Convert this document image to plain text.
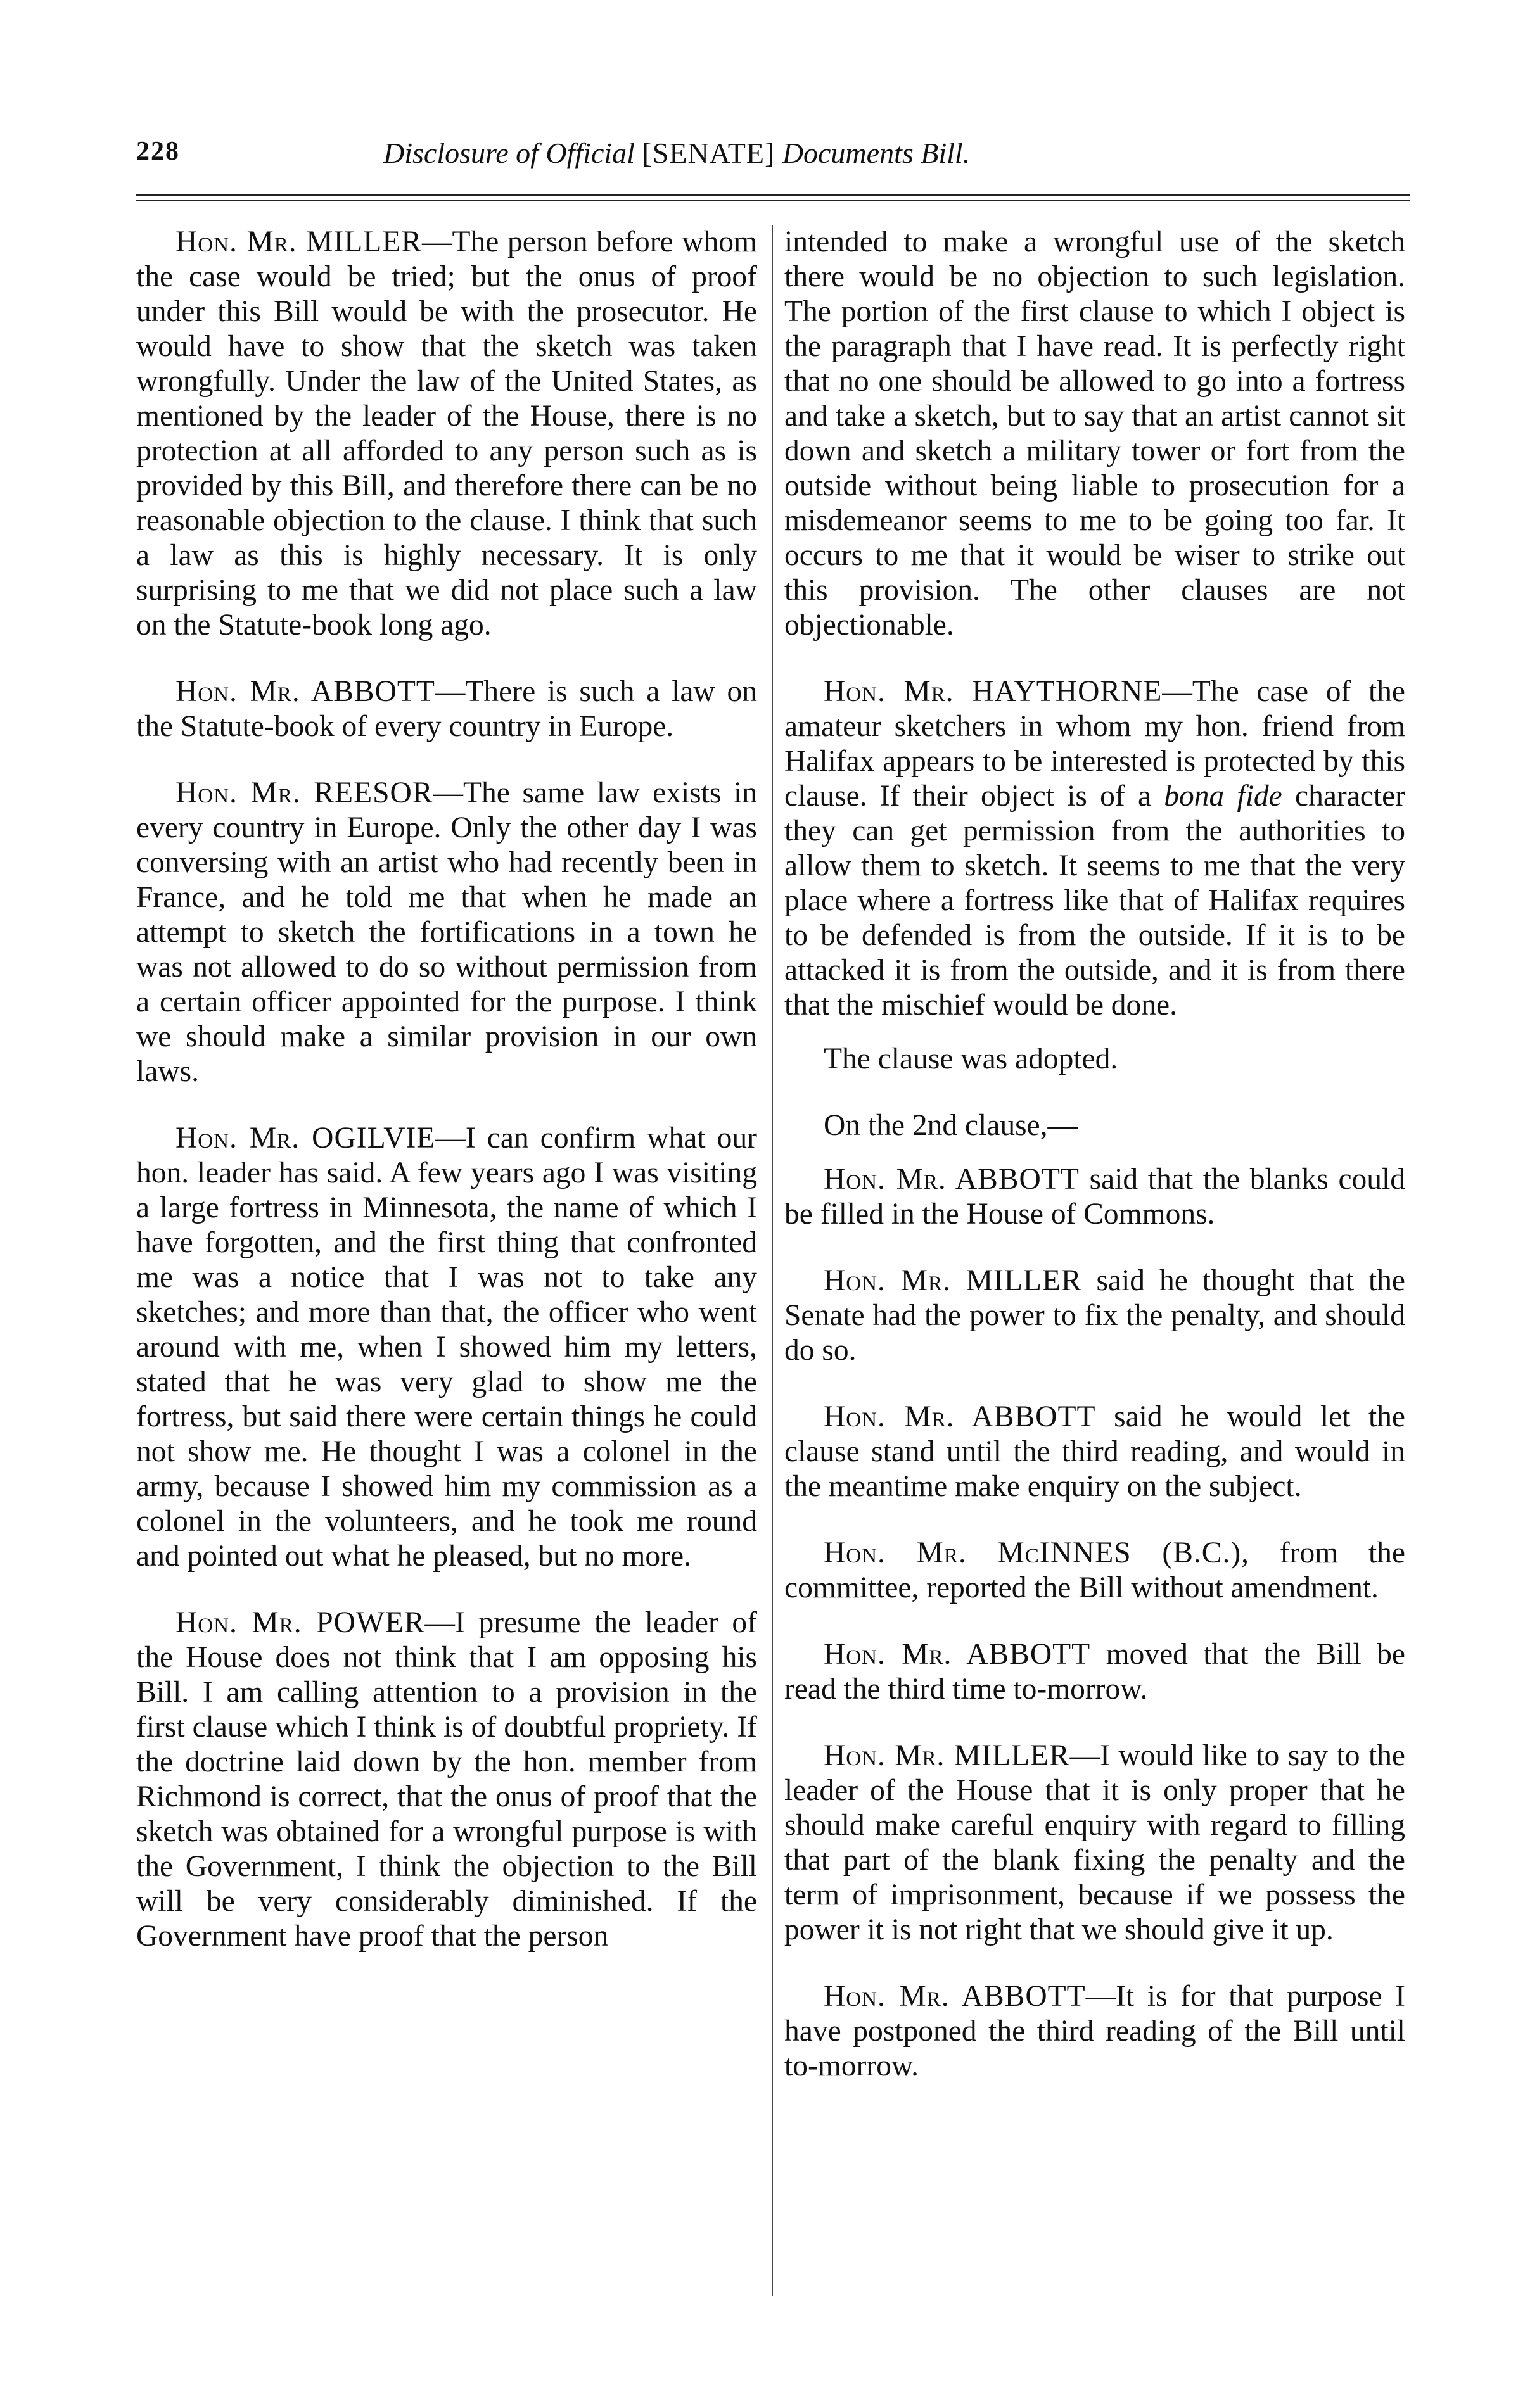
228	Disclosure of Official [SENATE] Documents Bill.

Hon. Mr. MILLER—The person before whom the case would be tried; but the onus of proof under this Bill would be with the prosecutor. He would have to show that the sketch was taken wrongfully. Under the law of the United States, as mentioned by the leader of the House, there is no protection at all afforded to any person such as is provided by this Bill, and therefore there can be no reasonable objection to the clause. I think that such a law as this is highly necessary. It is only surprising to me that we did not place such a law on the Statute-book long ago.

Hon. Mr. ABBOTT—There is such a law on the Statute-book of every country in Europe.

Hon. Mr. REESOR—The same law exists in every country in Europe. Only the other day I was conversing with an artist who had recently been in France, and he told me that when he made an attempt to sketch the fortifications in a town he was not allowed to do so without permission from a certain officer appointed for the purpose. I think we should make a similar provision in our own laws.

Hon. Mr. OGILVIE—I can confirm what our hon. leader has said. A few years ago I was visiting a large fortress in Minnesota, the name of which I have forgotten, and the first thing that confronted me was a notice that I was not to take any sketches; and more than that, the officer who went around with me, when I showed him my letters, stated that he was very glad to show me the fortress, but said there were certain things he could not show me. He thought I was a colonel in the army, because I showed him my commission as a colonel in the volunteers, and he took me round and pointed out what he pleased, but no more.

Hon. Mr. POWER—I presume the leader of the House does not think that I am opposing his Bill. I am calling attention to a provision in the first clause which I think is of doubtful propriety. If the doctrine laid down by the hon. member from Richmond is correct, that the onus of proof that the sketch was obtained for a wrongful purpose is with the Government, I think the objection to the Bill will be very considerably diminished. If the Government have proof that the person

intended to make a wrongful use of the sketch there would be no objection to such legislation. The portion of the first clause to which I object is the paragraph that I have read. It is perfectly right that no one should be allowed to go into a fortress and take a sketch, but to say that an artist cannot sit down and sketch a military tower or fort from the outside without being liable to prosecution for a misdemeanor seems to me to be going too far. It occurs to me that it would be wiser to strike out this provision. The other clauses are not objectionable.

Hon. Mr. HAYTHORNE—The case of the amateur sketchers in whom my hon. friend from Halifax appears to be interested is protected by this clause. If their object is of a bona fide character they can get permission from the authorities to allow them to sketch. It seems to me that the very place where a fortress like that of Halifax requires to be defended is from the outside. If it is to be attacked it is from the outside, and it is from there that the mischief would be done.

The clause was adopted.

On the 2nd clause,—

Hon. Mr. ABBOTT said that the blanks could be filled in the House of Commons.

Hon. Mr. MILLER said he thought that the Senate had the power to fix the penalty, and should do so.

Hon. Mr. ABBOTT said he would let the clause stand until the third reading, and would in the meantime make enquiry on the subject.

Hon. Mr. McINNES (B.C.), from the committee, reported the Bill without amendment.

Hon. Mr. ABBOTT moved that the Bill be read the third time to-morrow.

Hon. Mr. MILLER—I would like to say to the leader of the House that it is only proper that he should make careful enquiry with regard to filling that part of the blank fixing the penalty and the term of imprisonment, because if we possess the power it is not right that we should give it up.

Hon. Mr. ABBOTT—It is for that purpose I have postponed the third reading of the Bill until to-morrow.
